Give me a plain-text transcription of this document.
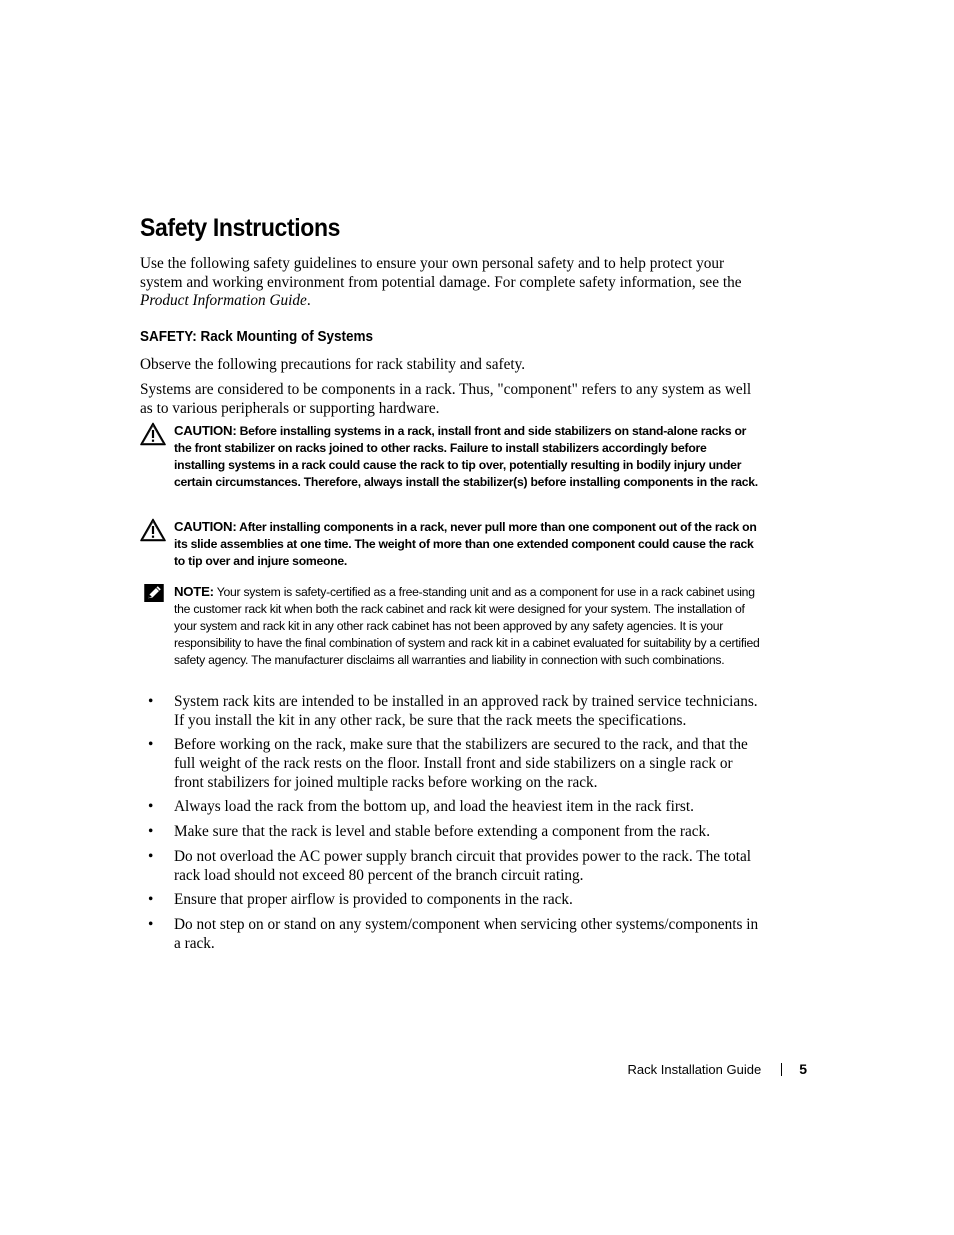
Safety Instructions

Use the following safety guidelines to ensure your own personal safety and to help protect your system and working environment from potential damage. For complete safety information, see the Product Information Guide.

SAFETY: Rack Mounting of Systems

Observe the following precautions for rack stability and safety.

Systems are considered to be components in a rack. Thus, "component" refers to any system as well as to various peripherals or supporting hardware.

CAUTION: Before installing systems in a rack, install front and side stabilizers on stand-alone racks or the front stabilizer on racks joined to other racks. Failure to install stabilizers accordingly before installing systems in a rack could cause the rack to tip over, potentially resulting in bodily injury under certain circumstances. Therefore, always install the stabilizer(s) before installing components in the rack.
CAUTION: After installing components in a rack, never pull more than one component out of the rack on its slide assemblies at one time. The weight of more than one extended component could cause the rack to tip over and injure someone.
NOTE: Your system is safety-certified as a free-standing unit and as a component for use in a rack cabinet using the customer rack kit when both the rack cabinet and rack kit were designed for your system. The installation of your system and rack kit in any other rack cabinet has not been approved by any safety agencies. It is your responsibility to have the final combination of system and rack kit in a cabinet evaluated for suitability by a certified safety agency. The manufacturer disclaims all warranties and liability in connection with such combinations.
• System rack kits are intended to be installed in an approved rack by trained service technicians. If you install the kit in any other rack, be sure that the rack meets the specifications.
• Before working on the rack, make sure that the stabilizers are secured to the rack, and that the full weight of the rack rests on the floor. Install front and side stabilizers on a single rack or front stabilizers for joined multiple racks before working on the rack.
• Always load the rack from the bottom up, and load the heaviest item in the rack first.
• Make sure that the rack is level and stable before extending a component from the rack.
• Do not overload the AC power supply branch circuit that provides power to the rack. The total rack load should not exceed 80 percent of the branch circuit rating.
• Ensure that proper airflow is provided to components in the rack.
• Do not step on or stand on any system/component when servicing other systems/components in a rack.
Rack Installation Guide	5
